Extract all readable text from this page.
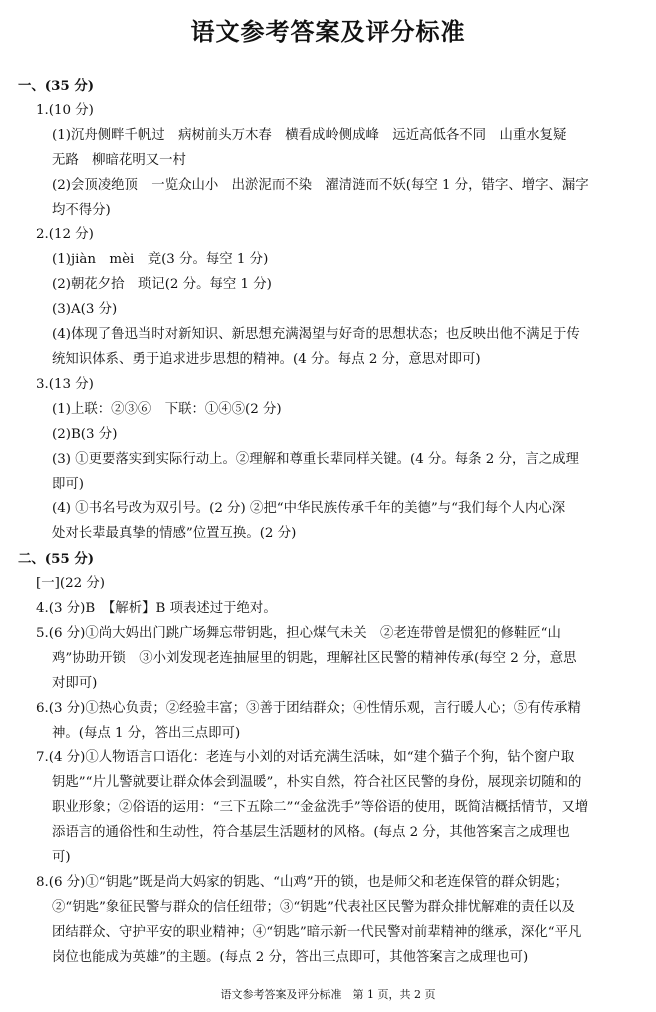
语文参考答案及评分标准
一、(35 分)
1.(10 分)
(1)沉舟侧畔千帆过　病树前头万木春　横看成岭侧成峰　远近高低各不同　山重水复疑
无路　柳暗花明又一村
(2)会顶凌绝顶　一览众山小　出淤泥而不染　濯清涟而不妖(每空 1 分，错字、增字、漏字
均不得分)
2.(12 分)
(1)jiàn　mèi　竞(3 分。每空 1 分)
(2)朝花夕拾　琐记(2 分。每空 1 分)
(3)A(3 分)
(4)体现了鲁迅当时对新知识、新思想充满渴望与好奇的思想状态；也反映出他不满足于传
统知识体系、勇于追求进步思想的精神。(4 分。每点 2 分，意思对即可)
3.(13 分)
(1)上联：②③⑥　下联：①④⑤(2 分)
(2)B(3 分)
(3) ①更要落实到实际行动上。②理解和尊重长辈同样关键。(4 分。每条 2 分，言之成理
即可)
(4) ①书名号改为双引号。(2 分) ②把“中华民族传承千年的美德”与“我们每个人内心深
处对长辈最真挚的情感”位置互换。(2 分)
二、(55 分)
[一](22 分)
4.(3 分)B　【解析】B 项表述过于绝对。
5.(6 分)①尚大妈出门跳广场舞忘带钥匙，担心煤气未关　②老连带曾是惯犯的修鞋匠“山
鸡”协助开锁　③小刘发现老连抽屉里的钥匙，理解社区民警的精神传承(每空 2 分，意思
对即可)
6.(3 分)①热心负责；②经验丰富；③善于团结群众；④性情乐观，言行暖人心；⑤有传承精
神。(每点 1 分，答出三点即可)
7.(4 分)①人物语言口语化：老连与小刘的对话充满生活味，如“建个猫子个狗，钻个窗户取
钥匙”“片儿警就要让群众体会到温暖”，朴实自然，符合社区民警的身份，展现亲切随和的
职业形象；②俗语的运用：“三下五除二”“金盆洗手”等俗语的使用，既简洁概括情节，又增
添语言的通俗性和生动性，符合基层生活题材的风格。(每点 2 分，其他答案言之成理也
可)
8.(6 分)①“钥匙”既是尚大妈家的钥匙、“山鸡”开的锁，也是师父和老连保管的群众钥匙；
②“钥匙”象征民警与群众的信任纽带；③“钥匙”代表社区民警为群众排忧解难的责任以及
团结群众、守护平安的职业精神；④“钥匙”暗示新一代民警对前辈精神的继承，深化“平凡
岗位也能成为英雄”的主题。(每点 2 分，答出三点即可，其他答案言之成理也可)
语文参考答案及评分标准　第 1 页，共 2 页
